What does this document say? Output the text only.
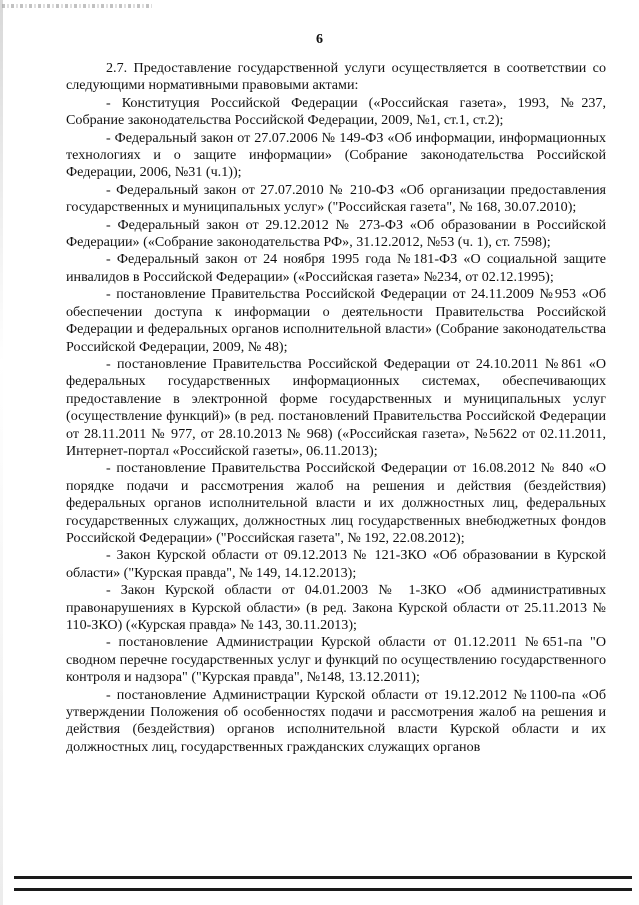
6

2.7. Предоставление государственной услуги осуществляется в соответствии со следующими нормативными правовыми актами:

- Конституция Российской Федерации («Российская газета», 1993, №237, Собрание законодательства Российской Федерации, 2009, №1, ст.1, ст.2);

- Федеральный закон от 27.07.2006 № 149-ФЗ «Об информации, информационных технологиях и о защите информации» (Собрание законодательства Российской Федерации, 2006, №31 (ч.1));

- Федеральный закон от 27.07.2010 № 210-ФЗ «Об организации предоставления государственных и муниципальных услуг» ("Российская газета", № 168, 30.07.2010);

- Федеральный закон от 29.12.2012 № 273-ФЗ «Об образовании в Российской Федерации» («Собрание законодательства РФ», 31.12.2012, №53 (ч. 1), ст. 7598);

- Федеральный закон от 24 ноября 1995 года №181-ФЗ «О социальной защите инвалидов в Российской Федерации» («Российская газета» №234, от 02.12.1995);

- постановление Правительства Российской Федерации от 24.11.2009 №953 «Об обеспечении доступа к информации о деятельности Правительства Российской Федерации и федеральных органов исполнительной власти» (Собрание законодательства Российской Федерации, 2009, № 48);

- постановление Правительства Российской Федерации от 24.10.2011 №861 «О федеральных государственных информационных системах, обеспечивающих предоставление в электронной форме государственных и муниципальных услуг (осуществление функций)» (в ред. постановлений Правительства Российской Федерации от 28.11.2011 № 977, от 28.10.2013 № 968) («Российская газета», №5622 от 02.11.2011, Интернет-портал «Российской газеты», 06.11.2013);

- постановление Правительства Российской Федерации от 16.08.2012 № 840 «О порядке подачи и рассмотрения жалоб на решения и действия (бездействия) федеральных органов исполнительной власти и их должностных лиц, федеральных государственных служащих, должностных лиц государственных внебюджетных фондов Российской Федерации» ("Российская газета", № 192, 22.08.2012);

- Закон Курской области от 09.12.2013 № 121-ЗКО «Об образовании в Курской области» ("Курская правда", № 149, 14.12.2013);

- Закон Курской области от 04.01.2003 № 1-ЗКО «Об административных правонарушениях в Курской области» (в ред. Закона Курской области от 25.11.2013 № 110-ЗКО) («Курская правда» № 143, 30.11.2013);

- постановление Администрации Курской области от 01.12.2011 №651-па "О сводном перечне государственных услуг и функций по осуществлению государственного контроля и надзора" ("Курская правда", №148, 13.12.2011);

- постановление Администрации Курской области от 19.12.2012 №1100-па «Об утверждении Положения об особенностях подачи и рассмотрения жалоб на решения и действия (бездействия) органов исполнительной власти Курской области и их должностных лиц, государственных гражданских служащих органов
